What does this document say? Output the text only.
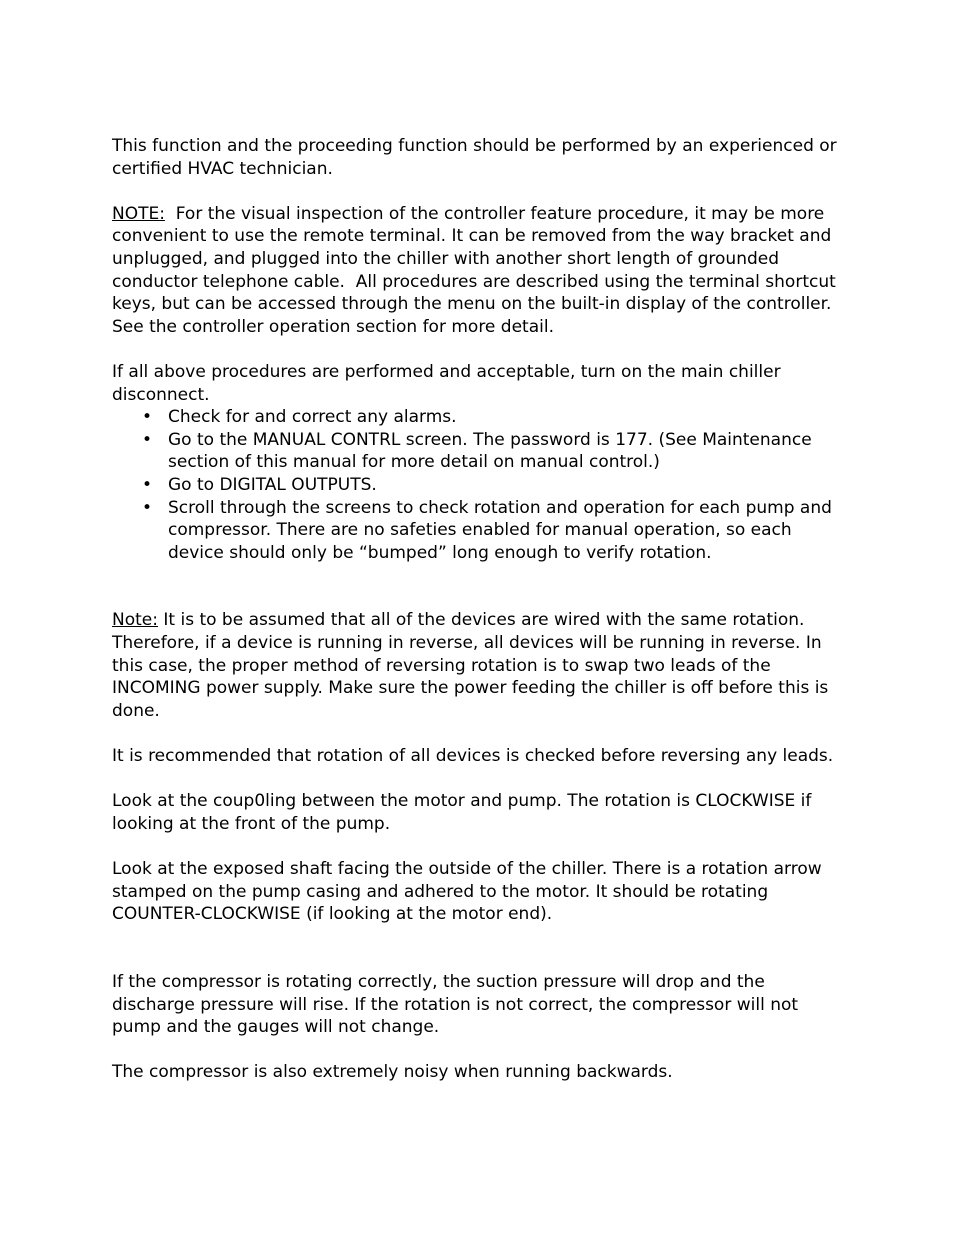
This function and the proceeding function should be performed by an experienced or certified HVAC technician.

NOTE:  For the visual inspection of the controller feature procedure, it may be more convenient to use the remote terminal. It can be removed from the way bracket and unplugged, and plugged into the chiller with another short length of grounded conductor telephone cable.  All procedures are described using the terminal shortcut keys, but can be accessed through the menu on the built-in display of the controller. See the controller operation section for more detail.

If all above procedures are performed and acceptable, turn on the main chiller disconnect.

• Check for and correct any alarms.
• Go to the MANUAL CONTRL screen. The password is 177. (See Maintenance section of this manual for more detail on manual control.)
• Go to DIGITAL OUTPUTS.
• Scroll through the screens to check rotation and operation for each pump and compressor. There are no safeties enabled for manual operation, so each device should only be “bumped” long enough to verify rotation.

Note: It is to be assumed that all of the devices are wired with the same rotation. Therefore, if a device is running in reverse, all devices will be running in reverse. In this case, the proper method of reversing rotation is to swap two leads of the INCOMING power supply. Make sure the power feeding the chiller is off before this is done.

It is recommended that rotation of all devices is checked before reversing any leads.

Look at the coup0ling between the motor and pump. The rotation is CLOCKWISE if looking at the front of the pump.

Look at the exposed shaft facing the outside of the chiller. There is a rotation arrow stamped on the pump casing and adhered to the motor. It should be rotating COUNTER-CLOCKWISE (if looking at the motor end).

If the compressor is rotating correctly, the suction pressure will drop and the discharge pressure will rise. If the rotation is not correct, the compressor will not pump and the gauges will not change.

The compressor is also extremely noisy when running backwards.
